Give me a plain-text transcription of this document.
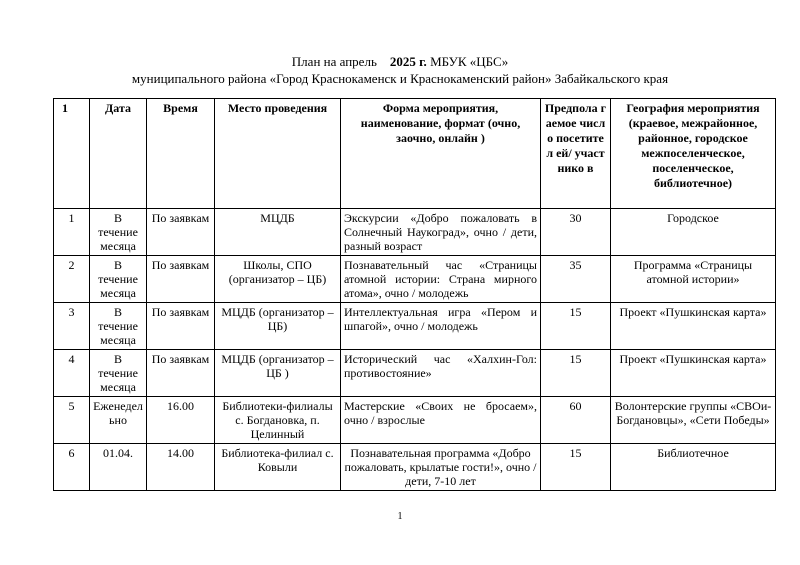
План на апрель 2025 г. МБУК «ЦБС»
муниципального района «Город Краснокаменск и Краснокаменский район» Забайкальского края
1	Дата	Время	Место проведения	Форма мероприятия, наименование, формат (очно, заочно, онлайн )	Предпола гаемое число посетител ей/ участнико в	География мероприятия (краевое, межрайонное, районное, городское межпоселенческое, поселенческое, библиотечное)
1	В течение месяца	По заявкам	МЦДБ	Экскурсии «Добро пожаловать в Солнечный Наукоград», очно / дети, разный возраст	30	Городское
2	В течение месяца	По заявкам	Школы, СПО (организатор – ЦБ)	Познавательный час «Страницы атомной истории: Страна мирного атома», очно / молодежь	35	Программа «Страницы атомной истории»
3	В течение месяца	По заявкам	МЦДБ (организатор – ЦБ)	Интеллектуальная игра «Пером и шпагой», очно / молодежь	15	Проект «Пушкинская карта»
4	В течение месяца	По заявкам	МЦДБ (организатор – ЦБ )	Исторический час «Халхин-Гол: противостояние»	15	Проект «Пушкинская карта»
5	Еженедельно	16.00	Библиотеки-филиалы с. Богдановка, п. Целинный	Мастерские «Своих не бросаем», очно / взрослые	60	Волонтерские группы «СВОи-Богдановцы», «Сети Победы»
6	01.04.	14.00	Библиотека-филиал с. Ковыли	Познавательная программа «Добро пожаловать, крылатые гости!», очно / дети, 7-10 лет	15	Библиотечное
1
